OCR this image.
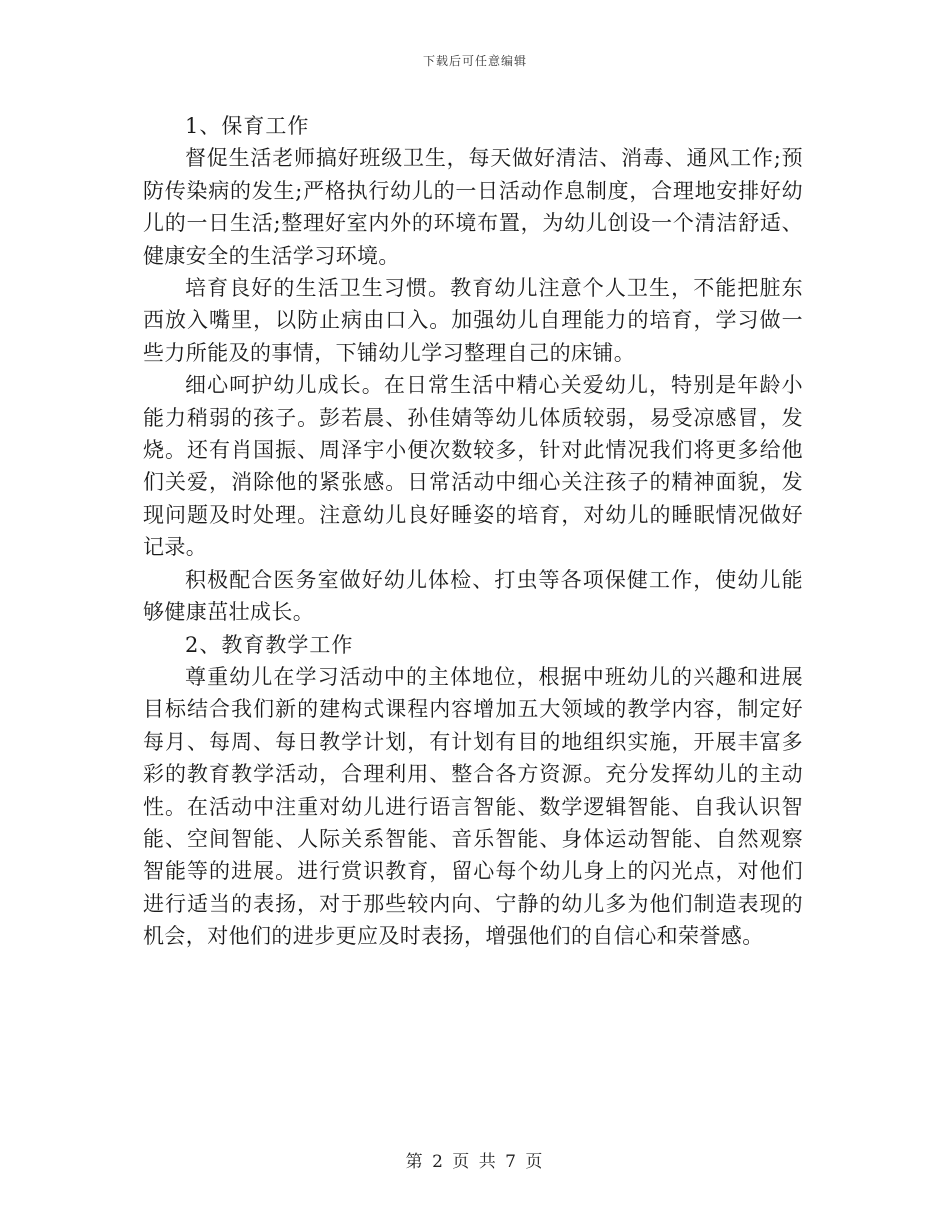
下载后可任意编辑

1、保育工作

督促生活老师搞好班级卫生，每天做好清洁、消毒、通风工作;预防传染病的发生;严格执行幼儿的一日活动作息制度，合理地安排好幼儿的一日生活;整理好室内外的环境布置，为幼儿创设一个清洁舒适、健康安全的生活学习环境。

培育良好的生活卫生习惯。教育幼儿注意个人卫生，不能把脏东西放入嘴里，以防止病由口入。加强幼儿自理能力的培育，学习做一些力所能及的事情，下铺幼儿学习整理自己的床铺。

细心呵护幼儿成长。在日常生活中精心关爱幼儿，特别是年龄小能力稍弱的孩子。彭若晨、孙佳婧等幼儿体质较弱，易受凉感冒，发烧。还有肖国振、周泽宇小便次数较多，针对此情况我们将更多给他们关爱，消除他的紧张感。日常活动中细心关注孩子的精神面貌，发现问题及时处理。注意幼儿良好睡姿的培育，对幼儿的睡眠情况做好记录。

积极配合医务室做好幼儿体检、打虫等各项保健工作，使幼儿能够健康茁壮成长。

2、教育教学工作

尊重幼儿在学习活动中的主体地位，根据中班幼儿的兴趣和进展目标结合我们新的建构式课程内容增加五大领域的教学内容，制定好每月、每周、每日教学计划，有计划有目的地组织实施，开展丰富多彩的教育教学活动，合理利用、整合各方资源。充分发挥幼儿的主动性。在活动中注重对幼儿进行语言智能、数学逻辑智能、自我认识智能、空间智能、人际关系智能、音乐智能、身体运动智能、自然观察智能等的进展。进行赏识教育，留心每个幼儿身上的闪光点，对他们进行适当的表扬，对于那些较内向、宁静的幼儿多为他们制造表现的机会，对他们的进步更应及时表扬，增强他们的自信心和荣誉感。

第 2 页 共 7 页
